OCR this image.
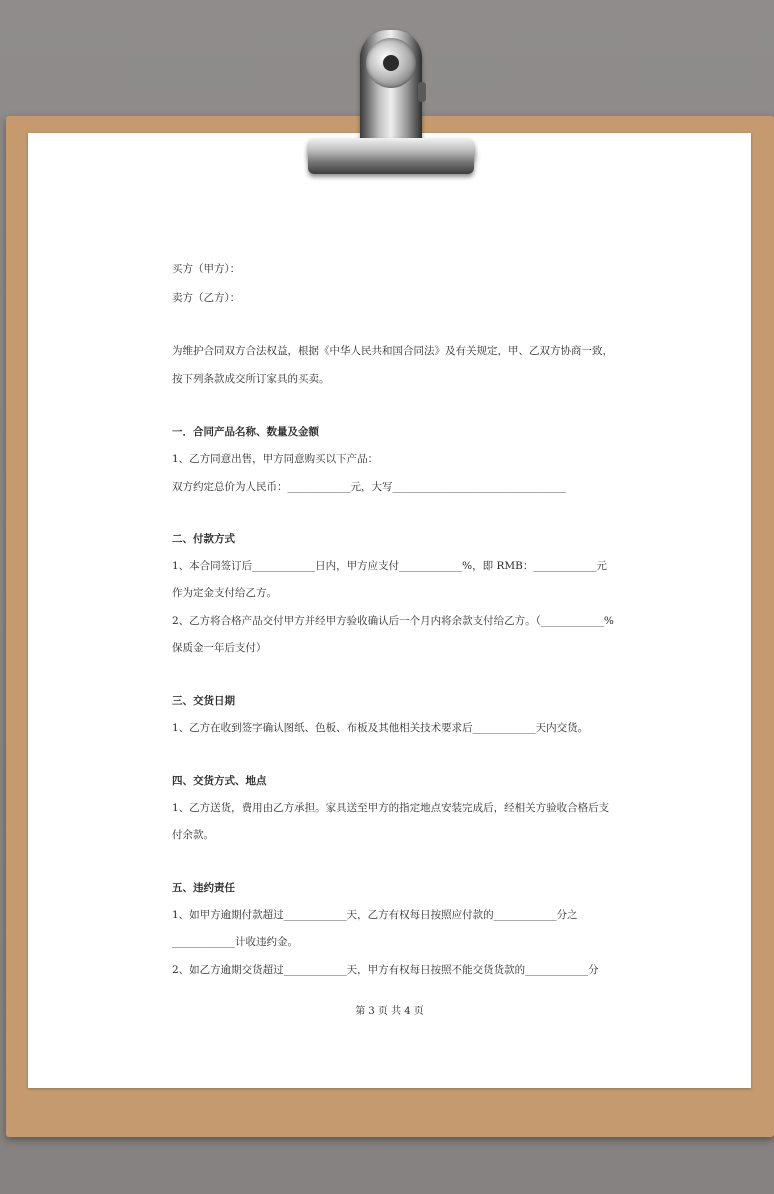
买方（甲方）：
卖方（乙方）：
为维护合同双方合法权益，根据《中华人民共和国合同法》及有关规定，甲、乙双方协商一致，
按下列条款成交所订家具的买卖。
一．合同产品名称、数量及金额
1、乙方同意出售，甲方同意购买以下产品：
双方约定总价为人民币：____________元，大写_________________________________
二、付款方式
1、本合同签订后____________日内，甲方应支付____________%，即 RMB：____________元
作为定金支付给乙方。
2、乙方将合格产品交付甲方并经甲方验收确认后一个月内将余款支付给乙方。（____________%
保质金一年后支付）
三、交货日期
1、乙方在收到签字确认图纸、色板、布板及其他相关技术要求后____________天内交货。
四、交货方式、地点
1、乙方送货，费用由乙方承担。家具送至甲方的指定地点安装完成后，经相关方验收合格后支
付余款。
五、违约责任
1、如甲方逾期付款超过____________天，乙方有权每日按照应付款的____________分之
____________计收违约金。
2、如乙方逾期交货超过____________天，甲方有权每日按照不能交货货款的____________分
第 3 页 共 4 页
